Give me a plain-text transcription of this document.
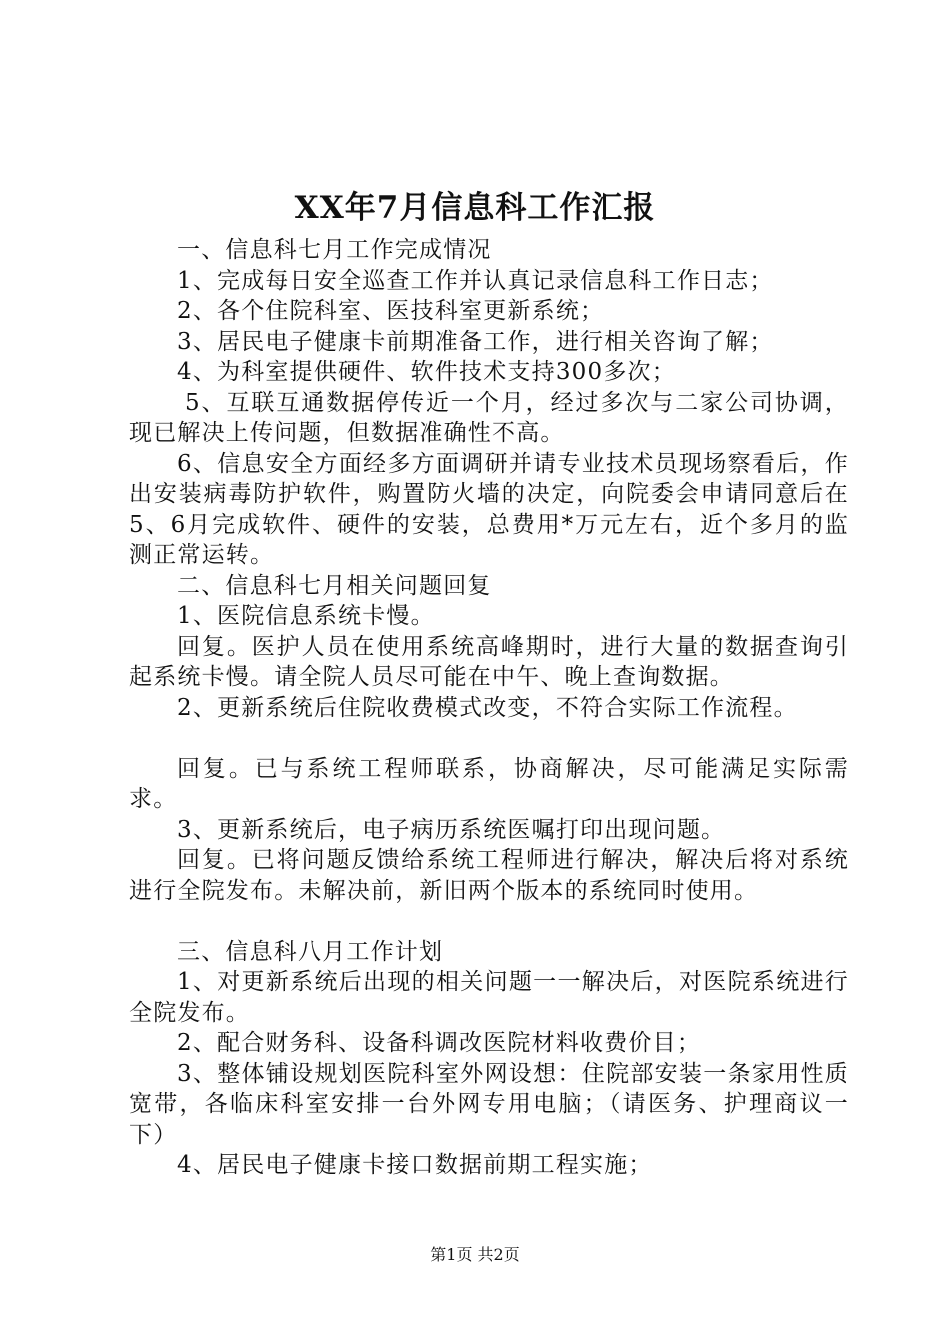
XX年7月信息科工作汇报

一、信息科七月工作完成情况

1、完成每日安全巡查工作并认真记录信息科工作日志；

2、各个住院科室、医技科室更新系统；

3、居民电子健康卡前期准备工作，进行相关咨询了解；

4、为科室提供硬件、软件技术支持300多次；

5、互联互通数据停传近一个月，经过多次与二家公司协调，现已解决上传问题，但数据准确性不高。

6、信息安全方面经多方面调研并请专业技术员现场察看后，作出安装病毒防护软件，购置防火墙的决定，向院委会申请同意后在5、6月完成软件、硬件的安装，总费用*万元左右，近个多月的监测正常运转。

二、信息科七月相关问题回复

1、医院信息系统卡慢。

回复。医护人员在使用系统高峰期时，进行大量的数据查询引起系统卡慢。请全院人员尽可能在中午、晚上查询数据。

2、更新系统后住院收费模式改变，不符合实际工作流程。

回复。已与系统工程师联系，协商解决，尽可能满足实际需求。

3、更新系统后，电子病历系统医嘱打印出现问题。

回复。已将问题反馈给系统工程师进行解决，解决后将对系统进行全院发布。未解决前，新旧两个版本的系统同时使用。

三、信息科八月工作计划

1、对更新系统后出现的相关问题一一解决后，对医院系统进行全院发布。

2、配合财务科、设备科调改医院材料收费价目；

3、整体铺设规划医院科室外网设想：住院部安装一条家用性质宽带，各临床科室安排一台外网专用电脑；（请医务、护理商议一下）

4、居民电子健康卡接口数据前期工程实施；

第1页 共2页
